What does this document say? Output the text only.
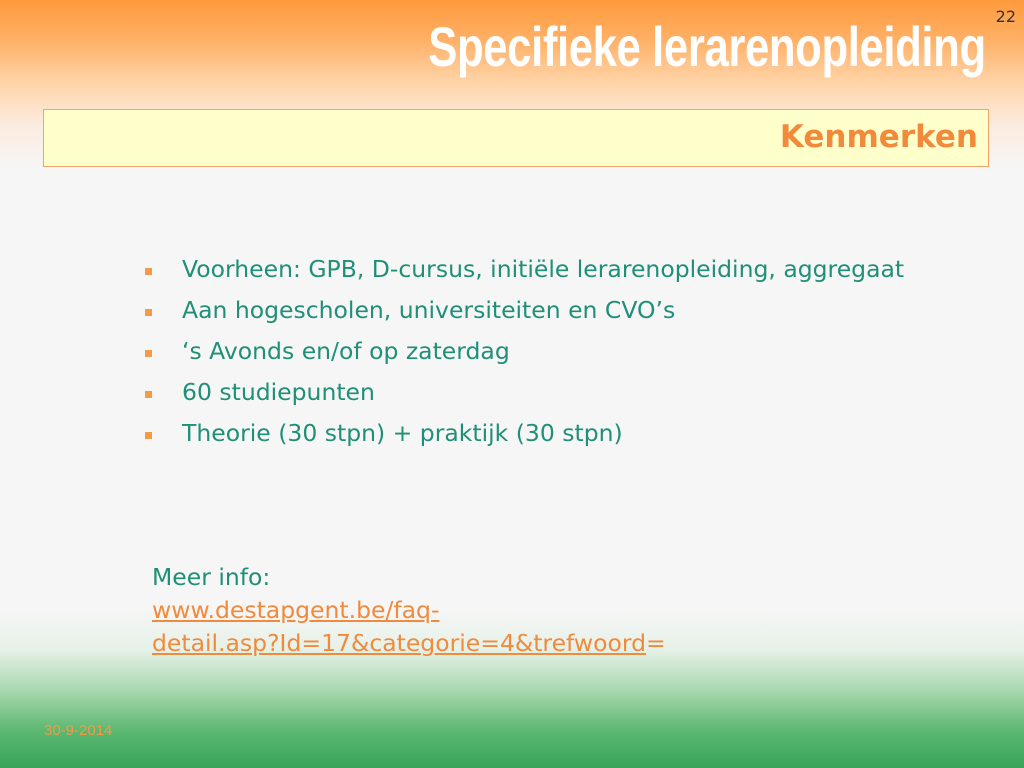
22
Specifieke lerarenopleiding
Kenmerken
Voorheen: GPB, D-cursus, initiële lerarenopleiding, aggregaat
Aan hogescholen, universiteiten en CVO’s
‘s Avonds en/of op zaterdag
60 studiepunten
Theorie (30 stpn) + praktijk (30 stpn)
Meer info:
www.destapgent.be/faq-
detail.asp?Id=17&categorie=4&trefwoord=
30-9-2014
